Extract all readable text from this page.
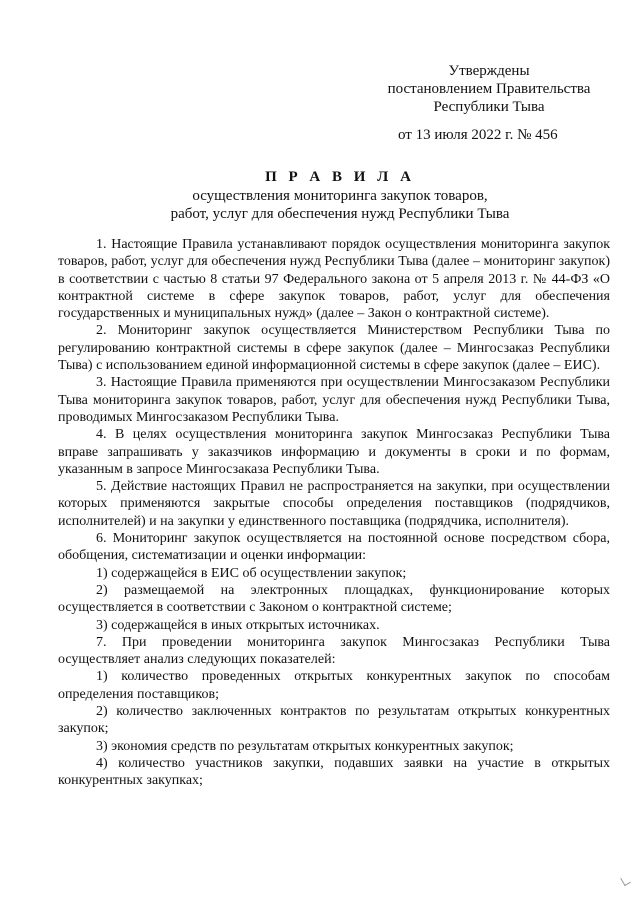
Утверждены
постановлением Правительства
Республики Тыва
от 13 июля 2022 г. № 456
П Р А В И Л А
осуществления мониторинга закупок товаров,
работ, услуг для обеспечения нужд Республики Тыва

1. Настоящие Правила устанавливают порядок осуществления мониторинга закупок товаров, работ, услуг для обеспечения нужд Республики Тыва (далее – мониторинг закупок) в соответствии с частью 8 статьи 97 Федерального закона от 5 апреля 2013 г. № 44-ФЗ «О контрактной системе в сфере закупок товаров, работ, услуг для обеспечения государственных и муниципальных нужд» (далее – Закон о контрактной системе).

2. Мониторинг закупок осуществляется Министерством Республики Тыва по регулированию контрактной системы в сфере закупок (далее – Мингосзаказ Республики Тыва) с использованием единой информационной системы в сфере закупок (далее – ЕИС).

3. Настоящие Правила применяются при осуществлении Мингосзаказом Республики Тыва мониторинга закупок товаров, работ, услуг для обеспечения нужд Республики Тыва, проводимых Мингосзаказом Республики Тыва.

4. В целях осуществления мониторинга закупок Мингосзаказ Республики Тыва вправе запрашивать у заказчиков информацию и документы в сроки и по формам, указанным в запросе Мингосзаказа Республики Тыва.

5. Действие настоящих Правил не распространяется на закупки, при осуществлении которых применяются закрытые способы определения поставщиков (подрядчиков, исполнителей) и на закупки у единственного поставщика (подрядчика, исполнителя).

6. Мониторинг закупок осуществляется на постоянной основе посредством сбора, обобщения, систематизации и оценки информации:

1) содержащейся в ЕИС об осуществлении закупок;

2) размещаемой на электронных площадках, функционирование которых осуществляется в соответствии с Законом о контрактной системе;

3) содержащейся в иных открытых источниках.

7. При проведении мониторинга закупок Мингосзаказ Республики Тыва осуществляет анализ следующих показателей:

1) количество проведенных открытых конкурентных закупок по способам определения поставщиков;

2) количество заключенных контрактов по результатам открытых конкурентных закупок;

3) экономия средств по результатам открытых конкурентных закупок;

4) количество участников закупки, подавших заявки на участие в открытых конкурентных закупках;
